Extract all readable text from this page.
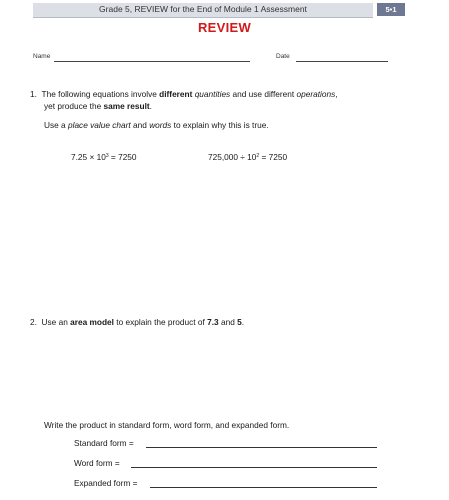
Grade 5, REVIEW for the End of Module 1 Assessment	5•1
REVIEW
Name	Date
1. The following equations involve different quantities and use different operations,
yet produce the same result.
Use a place value chart and words to explain why this is true.
$7.25 \times 10^3 = 7250$	$725,000 \div 10^2 = 7250$
2. Use an area model to explain the product of 7.3 and 5.
Write the product in standard form, word form, and expanded form.
Standard form =
Word form =
Expanded form =
